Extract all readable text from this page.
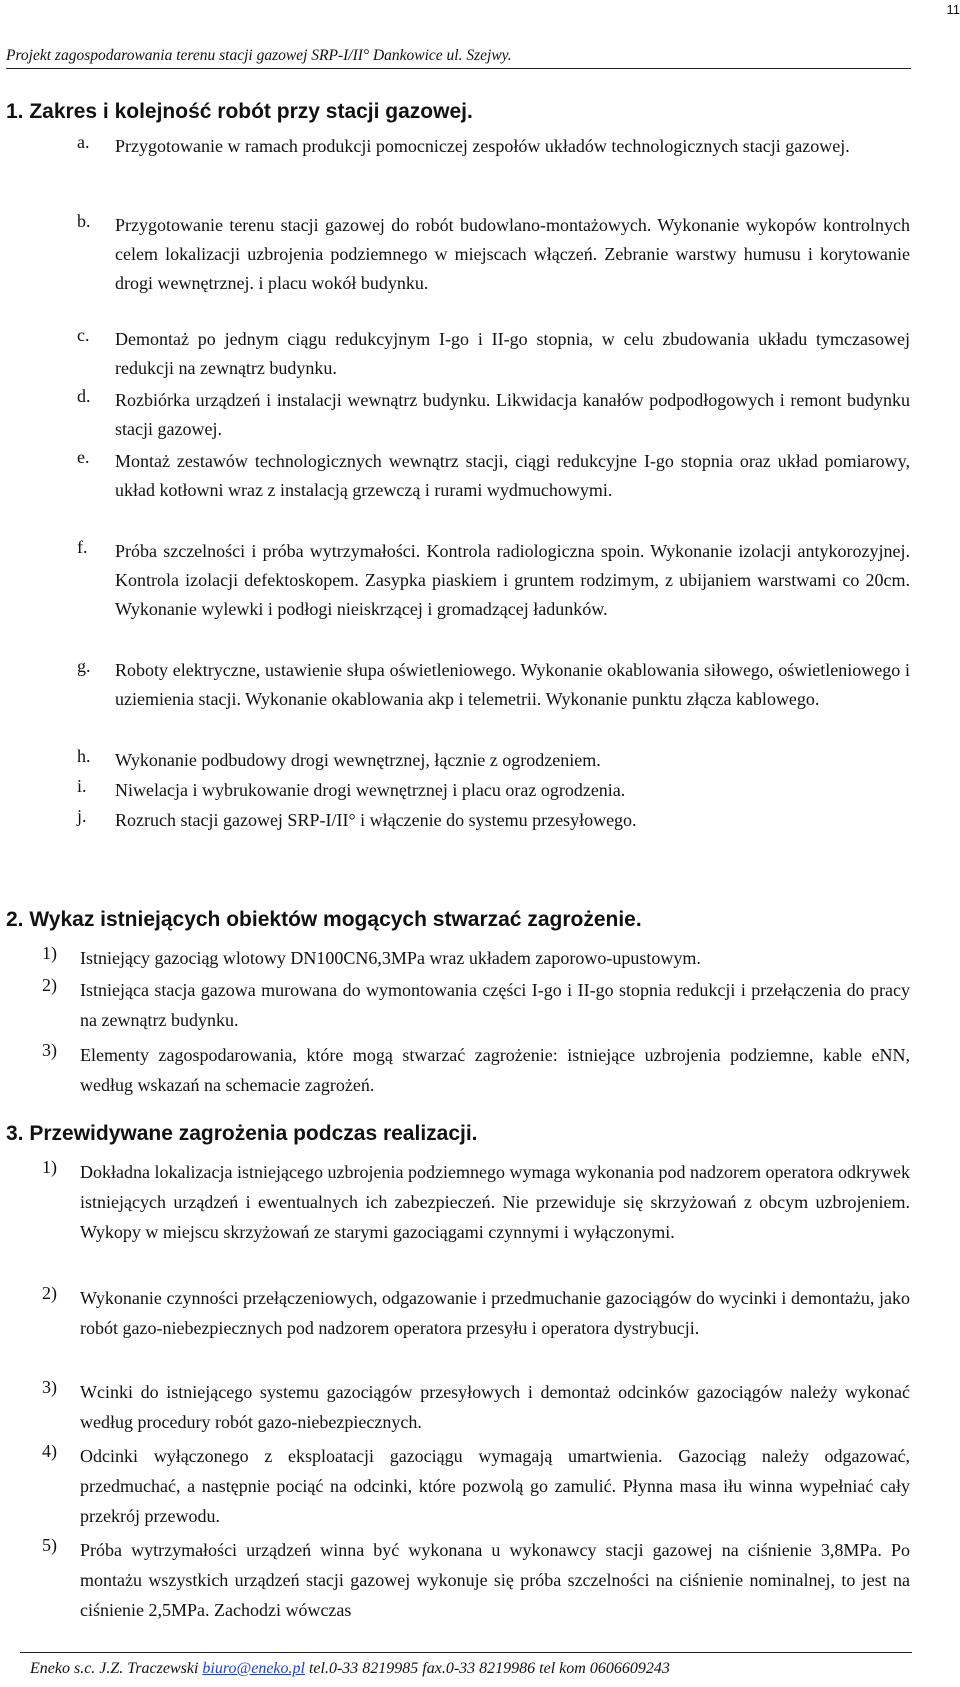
11
Projekt zagospodarowania terenu stacji gazowej SRP-I/II° Dankowice ul. Szejwy.
1. Zakres i kolejność robót przy stacji gazowej.
a. Przygotowanie w ramach produkcji pomocniczej zespołów układów technologicznych stacji gazowej.
b. Przygotowanie terenu stacji gazowej do robót budowlano-montażowych. Wykonanie wykopów kontrolnych celem lokalizacji uzbrojenia podziemnego w miejscach włączeń. Zebranie warstwy humusu i korytowanie drogi wewnętrznej. i placu wokół budynku.
c. Demontaż po jednym ciągu redukcyjnym I-go i II-go stopnia, w celu zbudowania układu tymczasowej redukcji na zewnątrz budynku.
d. Rozbiórka urządzeń i instalacji wewnątrz budynku. Likwidacja kanałów podpodłogowych i remont budynku stacji gazowej.
e. Montaż zestawów technologicznych wewnątrz stacji, ciągi redukcyjne I-go stopnia oraz układ pomiarowy, układ kotłowni wraz z instalacją grzewczą i rurami wydmuchowymi.
f. Próba szczelności i próba wytrzymałości. Kontrola radiologiczna spoin. Wykonanie izolacji antykorozyjnej. Kontrola izolacji defektoskopem. Zasypka piaskiem i gruntem rodzimym, z ubijaniem warstwami co 20cm. Wykonanie wylewki i podłogi nieiskrzącej i gromadzącej ładunków.
g. Roboty elektryczne, ustawienie słupa oświetleniowego. Wykonanie okablowania siłowego, oświetleniowego i uziemienia stacji. Wykonanie okablowania akp i telemetrii. Wykonanie punktu złącza kablowego.
h. Wykonanie podbudowy drogi wewnętrznej, łącznie z ogrodzeniem.
i. Niwelacja i wybrukowanie drogi wewnętrznej i placu oraz ogrodzenia.
j. Rozruch stacji gazowej SRP-I/II° i włączenie do systemu przesyłowego.
2. Wykaz istniejących obiektów mogących stwarzać zagrożenie.
1) Istniejący gazociąg wlotowy DN100CN6,3MPa wraz układem zaporowo-upustowym.
2) Istniejąca stacja gazowa murowana do wymontowania części I-go i II-go stopnia redukcji i przełączenia do pracy na zewnątrz budynku.
3) Elementy zagospodarowania, które mogą stwarzać zagrożenie: istniejące uzbrojenia podziemne, kable eNN, według wskazań na schemacie zagrożeń.
3. Przewidywane zagrożenia podczas realizacji.
1) Dokładna lokalizacja istniejącego uzbrojenia podziemnego wymaga wykonania pod nadzorem operatora odkrywek istniejących urządzeń i ewentualnych ich zabezpieczeń. Nie przewiduje się skrzyżowań z obcym uzbrojeniem. Wykopy w miejscu skrzyżowań ze starymi gazociągami czynnymi i wyłączonymi.
2) Wykonanie czynności przełączeniowych, odgazowanie i przedmuchanie gazociągów do wycinki i demontażu, jako robót gazo-niebezpiecznych pod nadzorem operatora przesyłu i operatora dystrybucji.
3) Wcinki do istniejącego systemu gazociągów przesyłowych i demontaż odcinków gazociągów należy wykonać według procedury robót gazo-niebezpiecznych.
4) Odcinki wyłączonego z eksploatacji gazociągu wymagają umartwienia. Gazociąg należy odgazować, przedmuchać, a następnie pociąć na odcinki, które pozwolą go zamulić. Płynna masa iłu winna wypełniać cały przekrój przewodu.
5) Próba wytrzymałości urządzeń winna być wykonana u wykonawcy stacji gazowej na ciśnienie 3,8MPa. Po montażu wszystkich urządzeń stacji gazowej wykonuje się próba szczelności na ciśnienie nominalnej, to jest na ciśnienie 2,5MPa. Zachodzi wówczas
Eneko s.c. J.Z. Traczewski biuro@eneko.pl tel.0-33 8219985 fax.0-33 8219986 tel kom 0606609243
